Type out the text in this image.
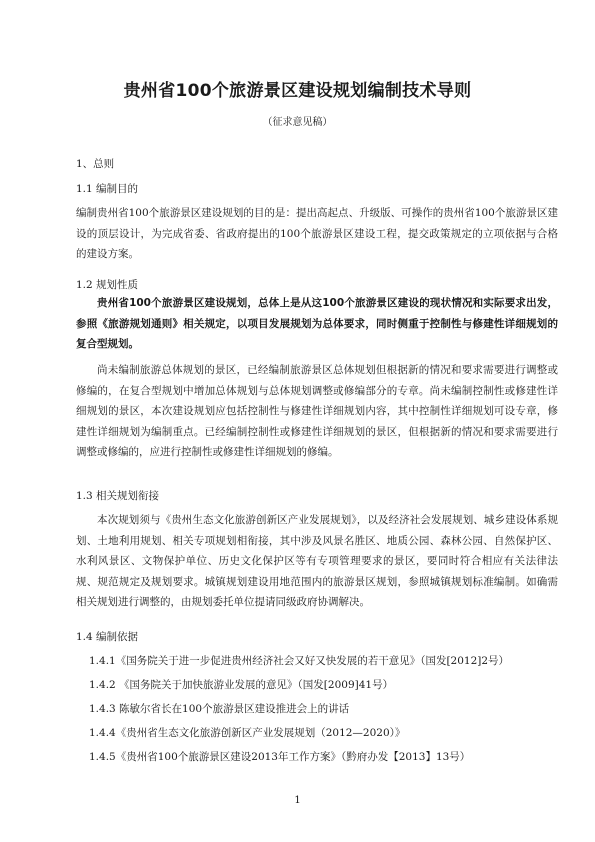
贵州省100个旅游景区建设规划编制技术导则
（征求意见稿）
1、总则
1.1 编制目的
编制贵州省100个旅游景区建设规划的目的是：提出高起点、升级版、可操作的贵州省100个旅游景区建设的顶层设计，为完成省委、省政府提出的100个旅游景区建设工程，提交政策规定的立项依据与合格的建设方案。
1.2 规划性质
贵州省100个旅游景区建设规划，总体上是从这100个旅游景区建设的现状情况和实际要求出发，参照《旅游规划通则》相关规定，以项目发展规划为总体要求，同时侧重于控制性与修建性详细规划的复合型规划。
尚未编制旅游总体规划的景区，已经编制旅游景区总体规划但根据新的情况和要求需要进行调整或修编的，在复合型规划中增加总体规划与总体规划调整或修编部分的专章。尚未编制控制性或修建性详细规划的景区，本次建设规划应包括控制性与修建性详细规划内容，其中控制性详细规划可设专章，修建性详细规划为编制重点。已经编制控制性或修建性详细规划的景区，但根据新的情况和要求需要进行调整或修编的，应进行控制性或修建性详细规划的修编。
1.3 相关规划衔接
本次规划须与《贵州生态文化旅游创新区产业发展规划》，以及经济社会发展规划、城乡建设体系规划、土地利用规划、相关专项规划相衔接，其中涉及风景名胜区、地质公园、森林公园、自然保护区、水利风景区、文物保护单位、历史文化保护区等有专项管理要求的景区，要同时符合相应有关法律法规、规范规定及规划要求。城镇规划建设用地范围内的旅游景区规划，参照城镇规划标准编制。如确需相关规划进行调整的，由规划委托单位提请同级政府协调解决。
1.4 编制依据
1.4.1《国务院关于进一步促进贵州经济社会又好又快发展的若干意见》（国发[2012]2号）
1.4.2 《国务院关于加快旅游业发展的意见》（国发[2009]41号）
1.4.3 陈敏尔省长在100个旅游景区建设推进会上的讲话
1.4.4《贵州省生态文化旅游创新区产业发展规划（2012—2020）》
1.4.5《贵州省100个旅游景区建设2013年工作方案》（黔府办发【2013】13号）
1
